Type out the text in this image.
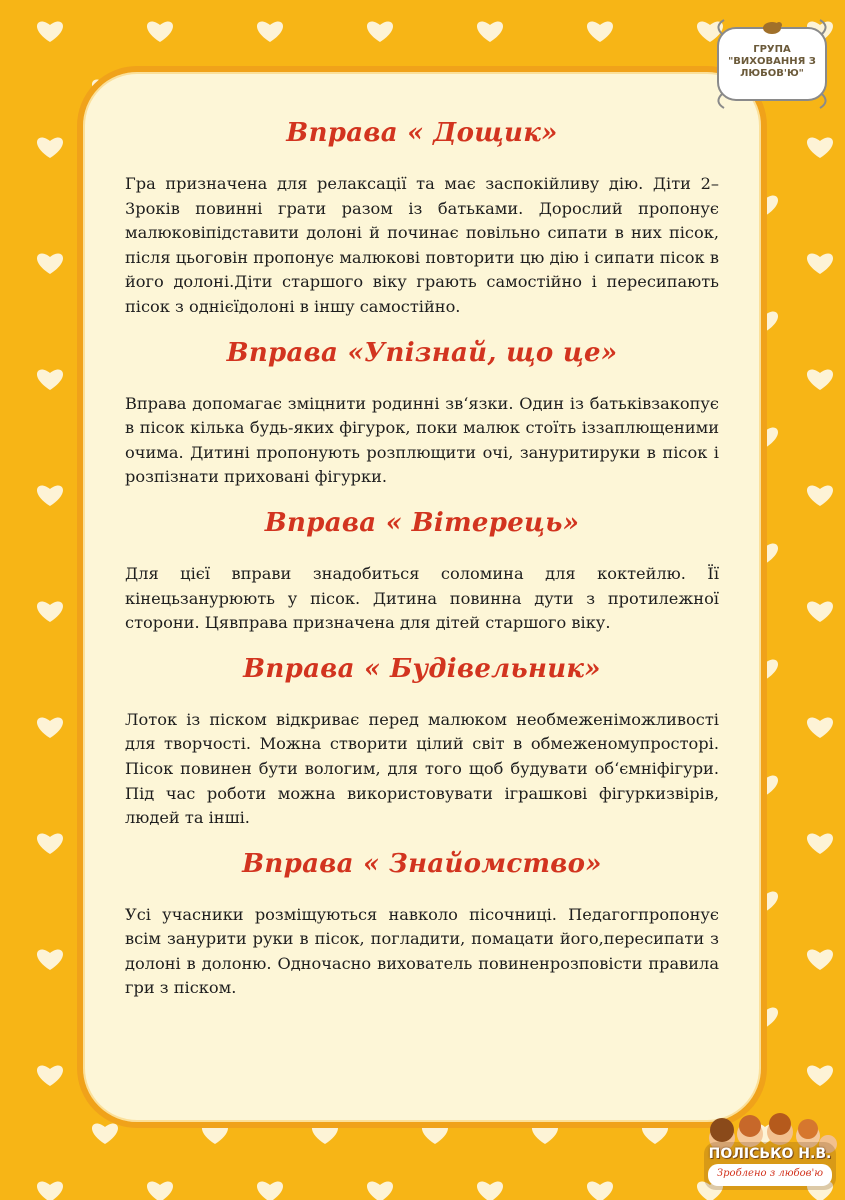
Вправа « Дощик»

Гра призначена для релаксації та має заспокійливу дію. Діти 2–3років повинні грати разом із батьками. Дорослий пропонує малюковіпідставити долоні й починає повільно сипати в них пісок, після цьоговін пропонує малюкові повторити цю дію і сипати пісок в його долоні.Діти старшого віку грають самостійно і пересипають пісок з однієїдолоні в іншу самостійно.

Вправа «Упізнай, що це»

Вправа допомагає зміцнити родинні зв‘язки. Один із батьківзакопує в пісок кілька будь-яких фігурок, поки малюк стоїть іззаплющеними очима. Дитині пропонують розплющити очі, зануритируки в пісок і розпізнати приховані фігурки.

Вправа « Вітерець»

Для цієї вправи знадобиться соломина для коктейлю. Її кінецьзанурюють у пісок. Дитина повинна дути з протилежної сторони. Цявправа призначена для дітей старшого віку.

Вправа « Будівельник»

Лоток із піском відкриває перед малюком необмеженіможливості для творчості. Можна створити цілий світ в обмеженомупросторі. Пісок повинен бути вологим, для того щоб будувати об‘ємніфігури. Під час роботи можна використовувати іграшкові фігуркизвірів, людей та інші.

Вправа « Знайомство»

Усі учасники розміщуються навколо пісочниці. Педагогпропонує всім занурити руки в пісок, погладити, помацати його,пересипати з долоні в долоню. Одночасно вихователь повиненрозповісти правила гри з піском.

ГРУПА "ВИХОВАННЯ З ЛЮБОВ'Ю"
ПОЛІСЬКО Н.В.
Зроблено з любов'ю
